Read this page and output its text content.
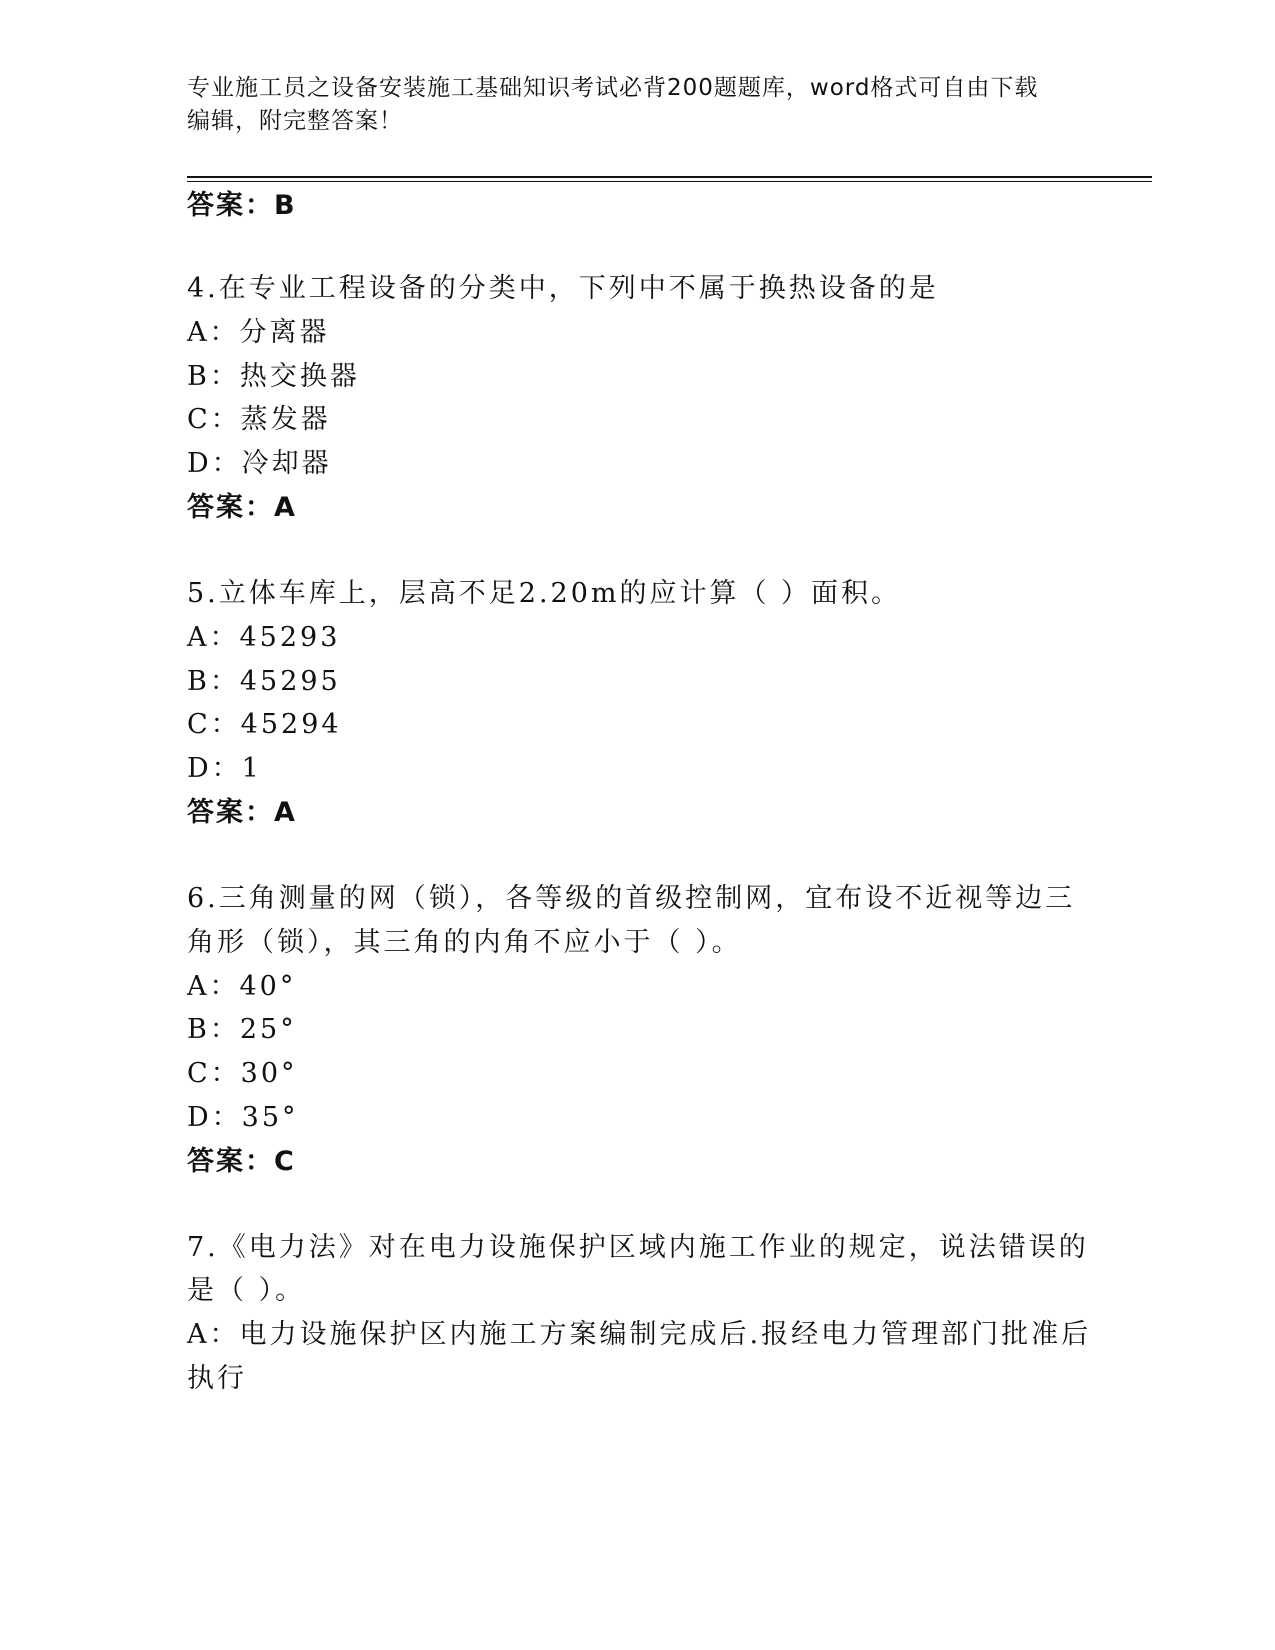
专业施工员之设备安装施工基础知识考试必背200题题库，word格式可自由下载
编辑，附完整答案！
答案：B
4.在专业工程设备的分类中，下列中不属于换热设备的是
A：分离器
B：热交换器
C：蒸发器
D：冷却器
答案：A
5.立体车库上，层高不足2.20m的应计算（ ）面积。
A：45293
B：45295
C：45294
D：1
答案：A
6.三角测量的网（锁），各等级的首级控制网，宜布设不近视等边三
角形（锁），其三角的内角不应小于（ ）。
A：40°
B：25°
C：30°
D：35°
答案：C
7.《电力法》对在电力设施保护区域内施工作业的规定，说法错误的
是（ ）。
A：电力设施保护区内施工方案编制完成后.报经电力管理部门批准后
执行
